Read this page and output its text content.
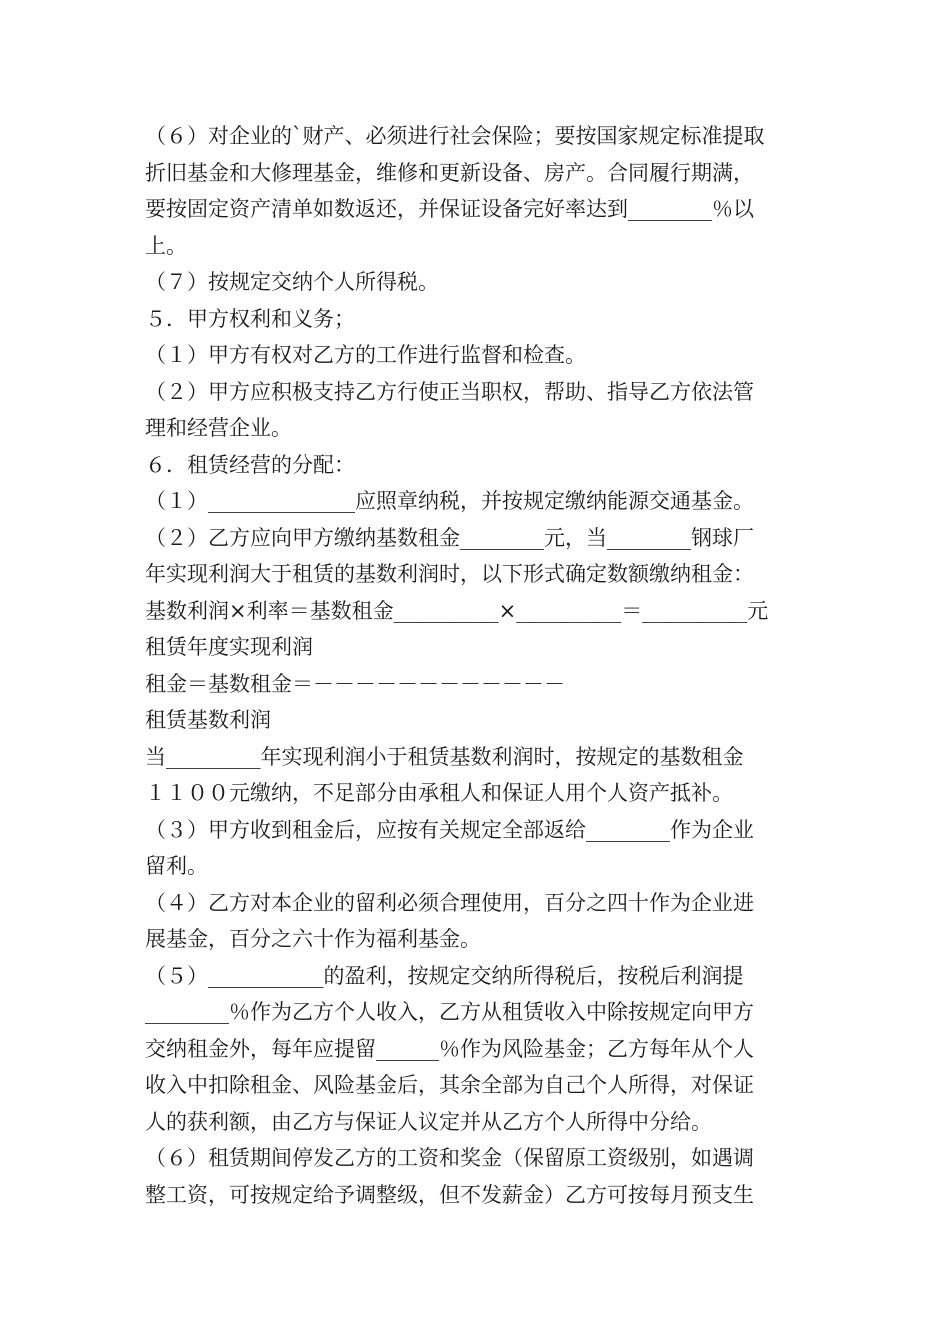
（６）对企业的`财产、必须进行社会保险；要按国家规定标准提取
折旧基金和大修理基金，维修和更新设备、房产。合同履行期满，
要按固定资产清单如数返还，并保证设备完好率达到________％以
上。
（７）按规定交纳个人所得税。
５．甲方权利和义务；
（１）甲方有权对乙方的工作进行监督和检查。
（２）甲方应积极支持乙方行使正当职权，帮助、指导乙方依法管
理和经营企业。
６．租赁经营的分配：
（１）______________应照章纳税，并按规定缴纳能源交通基金。
（２）乙方应向甲方缴纳基数租金________元，当________钢球厂
年实现利润大于租赁的基数利润时，以下形式确定数额缴纳租金：
基数利润×利率＝基数租金__________×__________＝__________元
租赁年度实现利润
租金＝基数租金＝－－－－－－－－－－－－
租赁基数利润
当_________年实现利润小于租赁基数利润时，按规定的基数租金
１１００元缴纳，不足部分由承租人和保证人用个人资产抵补。
（３）甲方收到租金后，应按有关规定全部返给________作为企业
留利。
（４）乙方对本企业的留利必须合理使用，百分之四十作为企业进
展基金，百分之六十作为福利基金。
（５）___________的盈利，按规定交纳所得税后，按税后利润提
________％作为乙方个人收入，乙方从租赁收入中除按规定向甲方
交纳租金外，每年应提留______％作为风险基金；乙方每年从个人
收入中扣除租金、风险基金后，其余全部为自己个人所得，对保证
人的获利额，由乙方与保证人议定并从乙方个人所得中分给。
（６）租赁期间停发乙方的工资和奖金（保留原工资级别，如遇调
整工资，可按规定给予调整级，但不发薪金）乙方可按每月预支生
